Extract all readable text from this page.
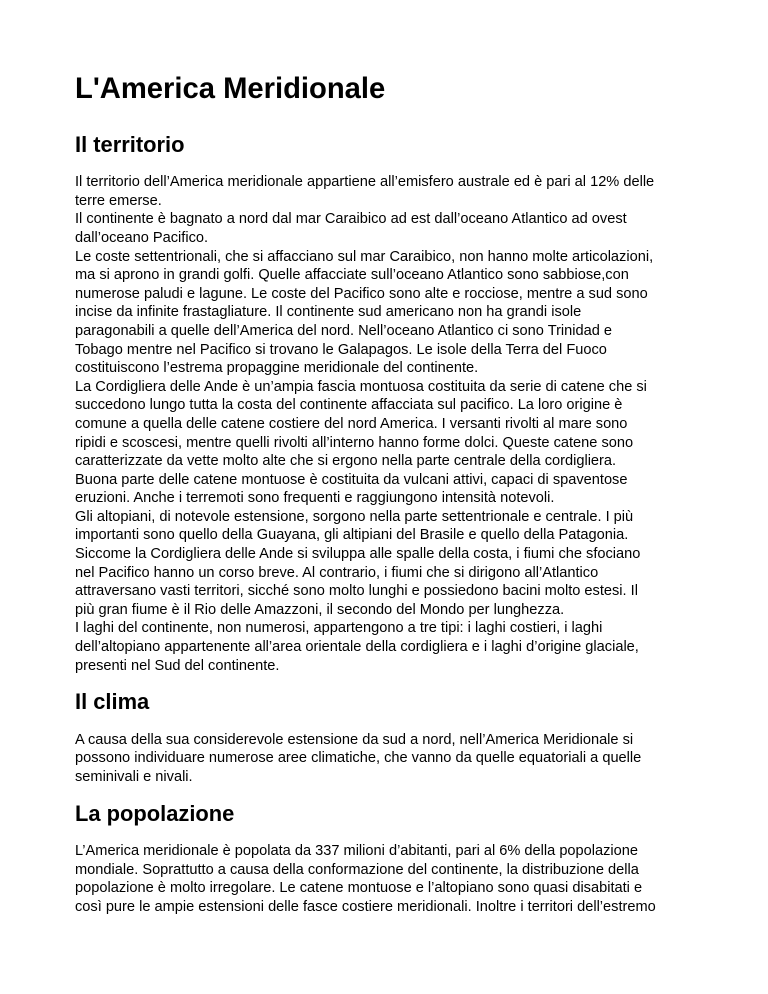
L'America Meridionale
Il territorio

Il territorio dell’America meridionale appartiene all’emisfero australe ed è pari al 12% delle
terre emerse.

Il continente è bagnato a nord dal mar Caraibico ad est dall’oceano Atlantico ad ovest
dall’oceano Pacifico.

Le coste settentrionali, che si affacciano sul mar Caraibico, non hanno molte articolazioni,
ma si aprono in grandi golfi. Quelle affacciate sull’oceano Atlantico sono sabbiose,con
numerose paludi e lagune. Le coste del Pacifico sono alte e rocciose, mentre a sud sono
incise da infinite frastagliature. Il continente sud americano non ha grandi isole
paragonabili a quelle dell’America del nord. Nell’oceano Atlantico ci sono Trinidad e
Tobago mentre nel Pacifico si trovano le Galapagos. Le isole della Terra del Fuoco
costituiscono l’estrema propaggine meridionale del continente.

La Cordigliera delle Ande è un’ampia fascia montuosa costituita da serie di catene che si
succedono lungo tutta la costa del continente affacciata sul pacifico. La loro origine è
comune a quella delle catene costiere del nord America. I versanti rivolti al mare sono
ripidi e scoscesi, mentre quelli rivolti all’interno hanno forme dolci. Queste catene sono
caratterizzate da vette molto alte che si ergono nella parte centrale della cordigliera.
Buona parte delle catene montuose è costituita da vulcani attivi, capaci di spaventose
eruzioni. Anche i terremoti sono frequenti e raggiungono intensità notevoli.

Gli altopiani, di notevole estensione, sorgono nella parte settentrionale e centrale. I più
importanti sono quello della Guayana, gli altipiani del Brasile e quello della Patagonia.
Siccome la Cordigliera delle Ande si sviluppa alle spalle della costa, i fiumi che sfociano
nel Pacifico hanno un corso breve. Al contrario, i fiumi che si dirigono all’Atlantico
attraversano vasti territori, sicché sono molto lunghi e possiedono bacini molto estesi. Il
più gran fiume è il Rio delle Amazzoni, il secondo del Mondo per lunghezza.

I laghi del continente, non numerosi, appartengono a tre tipi: i laghi costieri, i laghi
dell’altopiano appartenente all’area orientale della cordigliera e i laghi d’origine glaciale,
presenti nel Sud del continente.

Il clima

A causa della sua considerevole estensione da sud a nord, nell’America Meridionale si
possono individuare numerose aree climatiche, che vanno da quelle equatoriali a quelle
seminivali e nivali.

La popolazione

L’America meridionale è popolata da 337 milioni d’abitanti, pari al 6% della popolazione
mondiale. Soprattutto a causa della conformazione del continente, la distribuzione della
popolazione è molto irregolare. Le catene montuose e l’altopiano sono quasi disabitati e
così pure le ampie estensioni delle fasce costiere meridionali. Inoltre i territori dell’estremo
